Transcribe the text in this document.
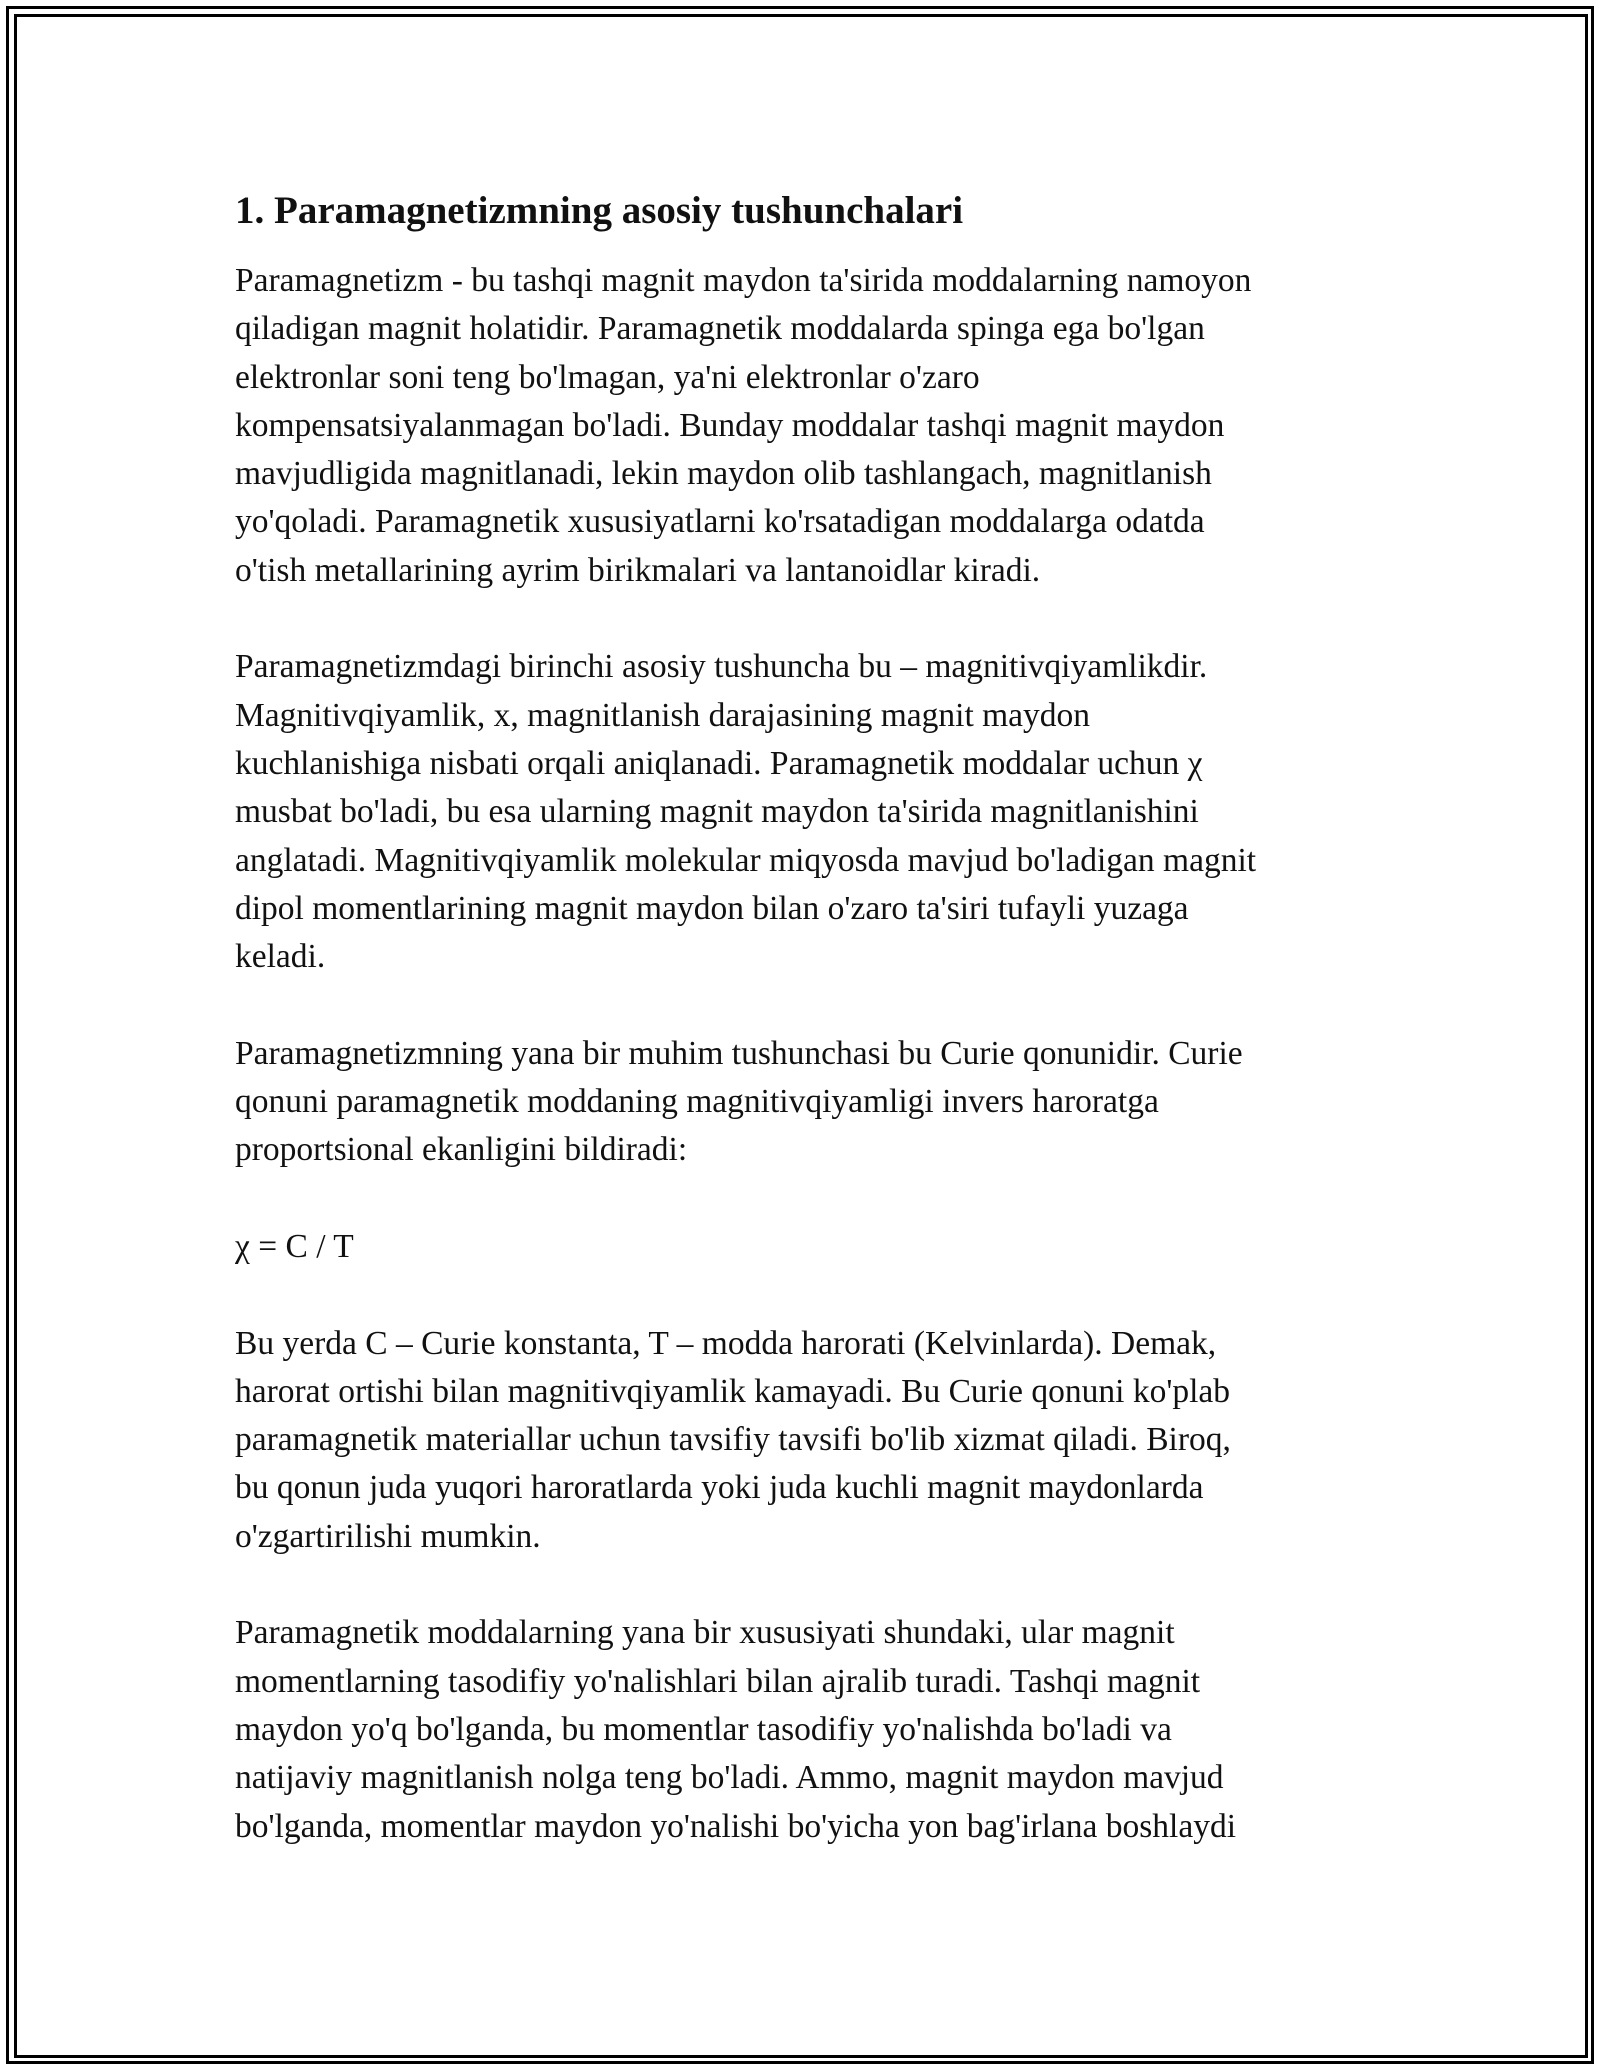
1. Paramagnetizmning asosiy tushunchalari

Paramagnetizm - bu tashqi magnit maydon ta'sirida moddalarning namoyon
qiladigan magnit holatidir. Paramagnetik moddalarda spinga ega bo'lgan
elektronlar soni teng bo'lmagan, ya'ni elektronlar o'zaro
kompensatsiyalanmagan bo'ladi. Bunday moddalar tashqi magnit maydon
mavjudligida magnitlanadi, lekin maydon olib tashlangach, magnitlanish
yo'qoladi. Paramagnetik xususiyatlarni ko'rsatadigan moddalarga odatda
o'tish metallarining ayrim birikmalari va lantanoidlar kiradi.

Paramagnetizmdagi birinchi asosiy tushuncha bu – magnitivqiyamlikdir.
Magnitivqiyamlik, x, magnitlanish darajasining magnit maydon
kuchlanishiga nisbati orqali aniqlanadi. Paramagnetik moddalar uchun χ
musbat bo'ladi, bu esa ularning magnit maydon ta'sirida magnitlanishini
anglatadi. Magnitivqiyamlik molekular miqyosda mavjud bo'ladigan magnit
dipol momentlarining magnit maydon bilan o'zaro ta'siri tufayli yuzaga
keladi.

Paramagnetizmning yana bir muhim tushunchasi bu Curie qonunidir. Curie
qonuni paramagnetik moddaning magnitivqiyamligi invers haroratga
proportsional ekanligini bildiradi:

χ = C / T

Bu yerda C – Curie konstanta, T – modda harorati (Kelvinlarda). Demak,
harorat ortishi bilan magnitivqiyamlik kamayadi. Bu Curie qonuni ko'plab
paramagnetik materiallar uchun tavsifiy tavsifi bo'lib xizmat qiladi. Biroq,
bu qonun juda yuqori haroratlarda yoki juda kuchli magnit maydonlarda
o'zgartirilishi mumkin.

Paramagnetik moddalarning yana bir xususiyati shundaki, ular magnit
momentlarning tasodifiy yo'nalishlari bilan ajralib turadi. Tashqi magnit
maydon yo'q bo'lganda, bu momentlar tasodifiy yo'nalishda bo'ladi va
natijaviy magnitlanish nolga teng bo'ladi. Ammo, magnit maydon mavjud
bo'lganda, momentlar maydon yo'nalishi bo'yicha yon bag'irlana boshlaydi
